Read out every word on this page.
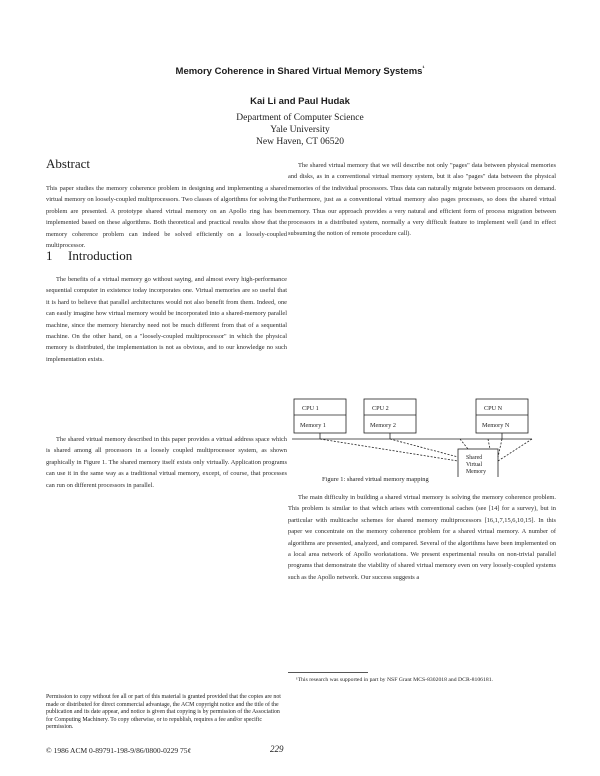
Memory Coherence in Shared Virtual Memory Systems$^{^1}$
Kai Li and Paul Hudak
Department of Computer Science
Yale University
New Haven, CT 06520
Abstract

This paper studies the memory coherence problem in designing and implementing a shared virtual memory on loosely-coupled multiprocessors. Two classes of algorithms for solving the problem are presented. A prototype shared virtual memory on an Apollo ring has been implemented based on these algorithms. Both theoretical and practical results show that the memory coherence problem can indeed be solved efficiently on a loosely-coupled multiprocessor.

1 Introduction

The benefits of a virtual memory go without saying, and almost every high-performance sequential computer in existence today incorporates one. Virtual memories are so useful that it is hard to believe that parallel architectures would not also benefit from them. Indeed, one can easily imagine how virtual memory would be incorporated into a shared-memory parallel machine, since the memory hierarchy need not be much different from that of a sequential machine. On the other hand, on a "loosely-coupled multiprocessor" in which the physical memory is distributed, the implementation is not as obvious, and to our knowledge no such implementation exists.

The shared virtual memory described in this paper provides a virtual address space which is shared among all processors in a loosely coupled multiprocessor system, as shown graphically in Figure 1. The shared memory itself exists only virtually. Application programs can use it in the same way as a traditional virtual memory, except, of course, that processes can run on different processors in parallel.

The shared virtual memory that we will describe not only "pages" data between physical memories and disks, as in a conventional virtual memory system, but it also "pages" data between the physical memories of the individual processors. Thus data can naturally migrate between processors on demand. Furthermore, just as a conventional virtual memory also pages processes, so does the shared virtual memory. Thus our approach provides a very natural and efficient form of process migration between processors in a distributed system, normally a very difficult feature to implement well (and in effect subsuming the notion of remote procedure call).

CPU 1	CPU 2	CPU N
Memory 1	Memory 2	Memory N
Shared
Virtual
Memory
Figure 1: shared virtual memory mapping

The main difficulty in building a shared virtual memory is solving the memory coherence problem. This problem is similar to that which arises with conventional caches (see [14] for a survey), but in particular with multicache schemes for shared memory multiprocessors [16,1,7,15,6,10,15]. In this paper we concentrate on the memory coherence problem for a shared virtual memory. A number of algorithms are presented, analyzed, and compared. Several of the algorithms have been implemented on a local area network of Apollo workstations. We present experimental results on non-trivial parallel programs that demonstrate the viability of shared virtual memory even on very loosely-coupled systems such as the Apollo network. Our success suggests a

¹This research was supported in part by NSF Grant MCS-8302018 and DCR-8106181.

Permission to copy without fee all or part of this material is granted provided that the copies are not made or distributed for direct commercial advantage, the ACM copyright notice and the title of the publication and its date appear, and notice is given that copying is by permission of the Association for Computing Machinery. To copy otherwise, or to republish, requires a fee and/or specific permission.

© 1986 ACM 0-89791-198-9/86/0800-0229 75¢	229
